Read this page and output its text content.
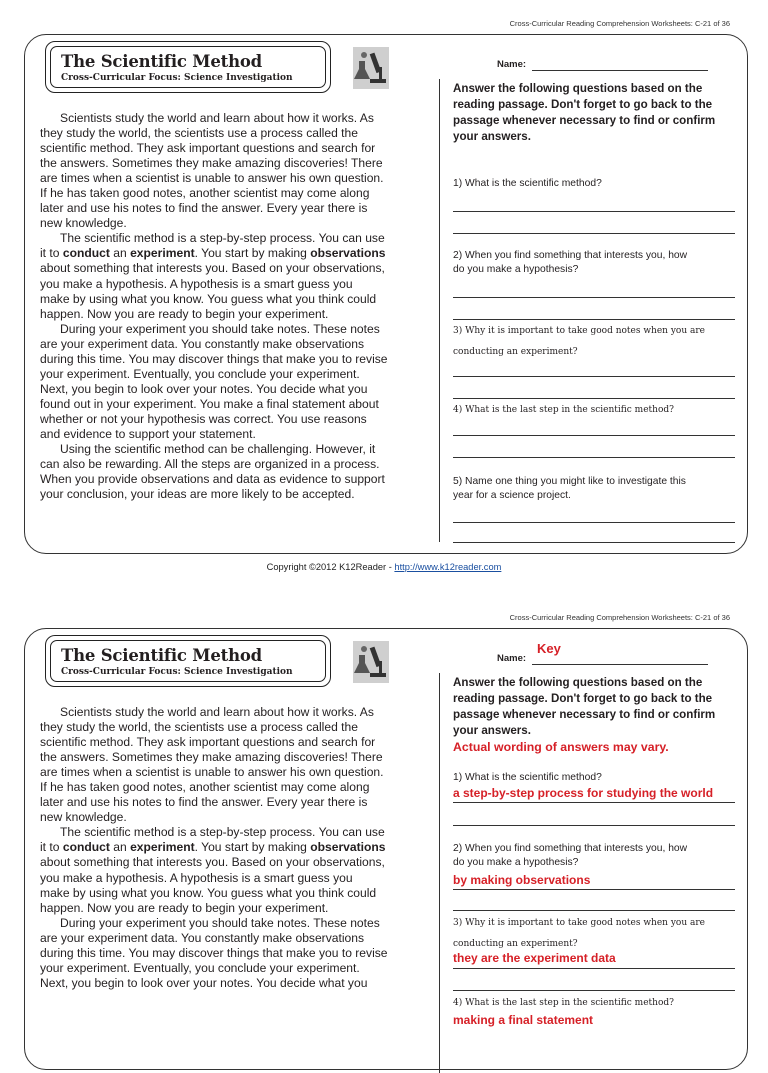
Cross-Curricular Reading Comprehension Worksheets: C-21 of 36
The Scientific Method
Cross-Curricular Focus: Science Investigation
Name:

Scientists study the world and learn about how it works. As
they study the world, the scientists use a process called the
scientific method. They ask important questions and search for
the answers. Sometimes they make amazing discoveries! There
are times when a scientist is unable to answer his own question.
If he has taken good notes, another scientist may come along
later and use his notes to find the answer. Every year there is
new knowledge.

The scientific method is a step-by-step process. You can use
it to conduct an experiment. You start by making observations
about something that interests you. Based on your observations,
you make a hypothesis. A hypothesis is a smart guess you
make by using what you know. You guess what you think could
happen. Now you are ready to begin your experiment.

During your experiment you should take notes. These notes
are your experiment data. You constantly make observations
during this time. You may discover things that make you to revise
your experiment. Eventually, you conclude your experiment.
Next, you begin to look over your notes. You decide what you
found out in your experiment. You make a final statement about
whether or not your hypothesis was correct. You use reasons
and evidence to support your statement.

Using the scientific method can be challenging. However, it
can also be rewarding. All the steps are organized in a process.
When you provide observations and data as evidence to support
your conclusion, your ideas are more likely to be accepted.

Answer the following questions based on the
reading passage. Don't forget to go back to the
passage whenever necessary to find or confirm
your answers.
1) What is the scientific method?
2) When you find something that interests you, how
do you make a hypothesis?
3) Why it is important to take good notes when you are
conducting an experiment?
4) What is the last step in the scientific method?
5) Name one thing you might like to investigate this
year for a science project.
Copyright ©2012 K12Reader - http://www.k12reader.com
Cross-Curricular Reading Comprehension Worksheets: C-21 of 36
The Scientific Method
Cross-Curricular Focus: Science Investigation
Name:
Key

Scientists study the world and learn about how it works. As
they study the world, the scientists use a process called the
scientific method. They ask important questions and search for
the answers. Sometimes they make amazing discoveries! There
are times when a scientist is unable to answer his own question.
If he has taken good notes, another scientist may come along
later and use his notes to find the answer. Every year there is
new knowledge.

The scientific method is a step-by-step process. You can use
it to conduct an experiment. You start by making observations
about something that interests you. Based on your observations,
you make a hypothesis. A hypothesis is a smart guess you
make by using what you know. You guess what you think could
happen. Now you are ready to begin your experiment.

During your experiment you should take notes. These notes
are your experiment data. You constantly make observations
during this time. You may discover things that make you to revise
your experiment. Eventually, you conclude your experiment.
Next, you begin to look over your notes. You decide what you

Answer the following questions based on the
reading passage. Don't forget to go back to the
passage whenever necessary to find or confirm
your answers.
Actual wording of answers may vary.
1) What is the scientific method?
a step-by-step process for studying the world
2) When you find something that interests you, how
do you make a hypothesis?
by making observations
3) Why it is important to take good notes when you are
conducting an experiment?
they are the experiment data
4) What is the last step in the scientific method?
making a final statement
